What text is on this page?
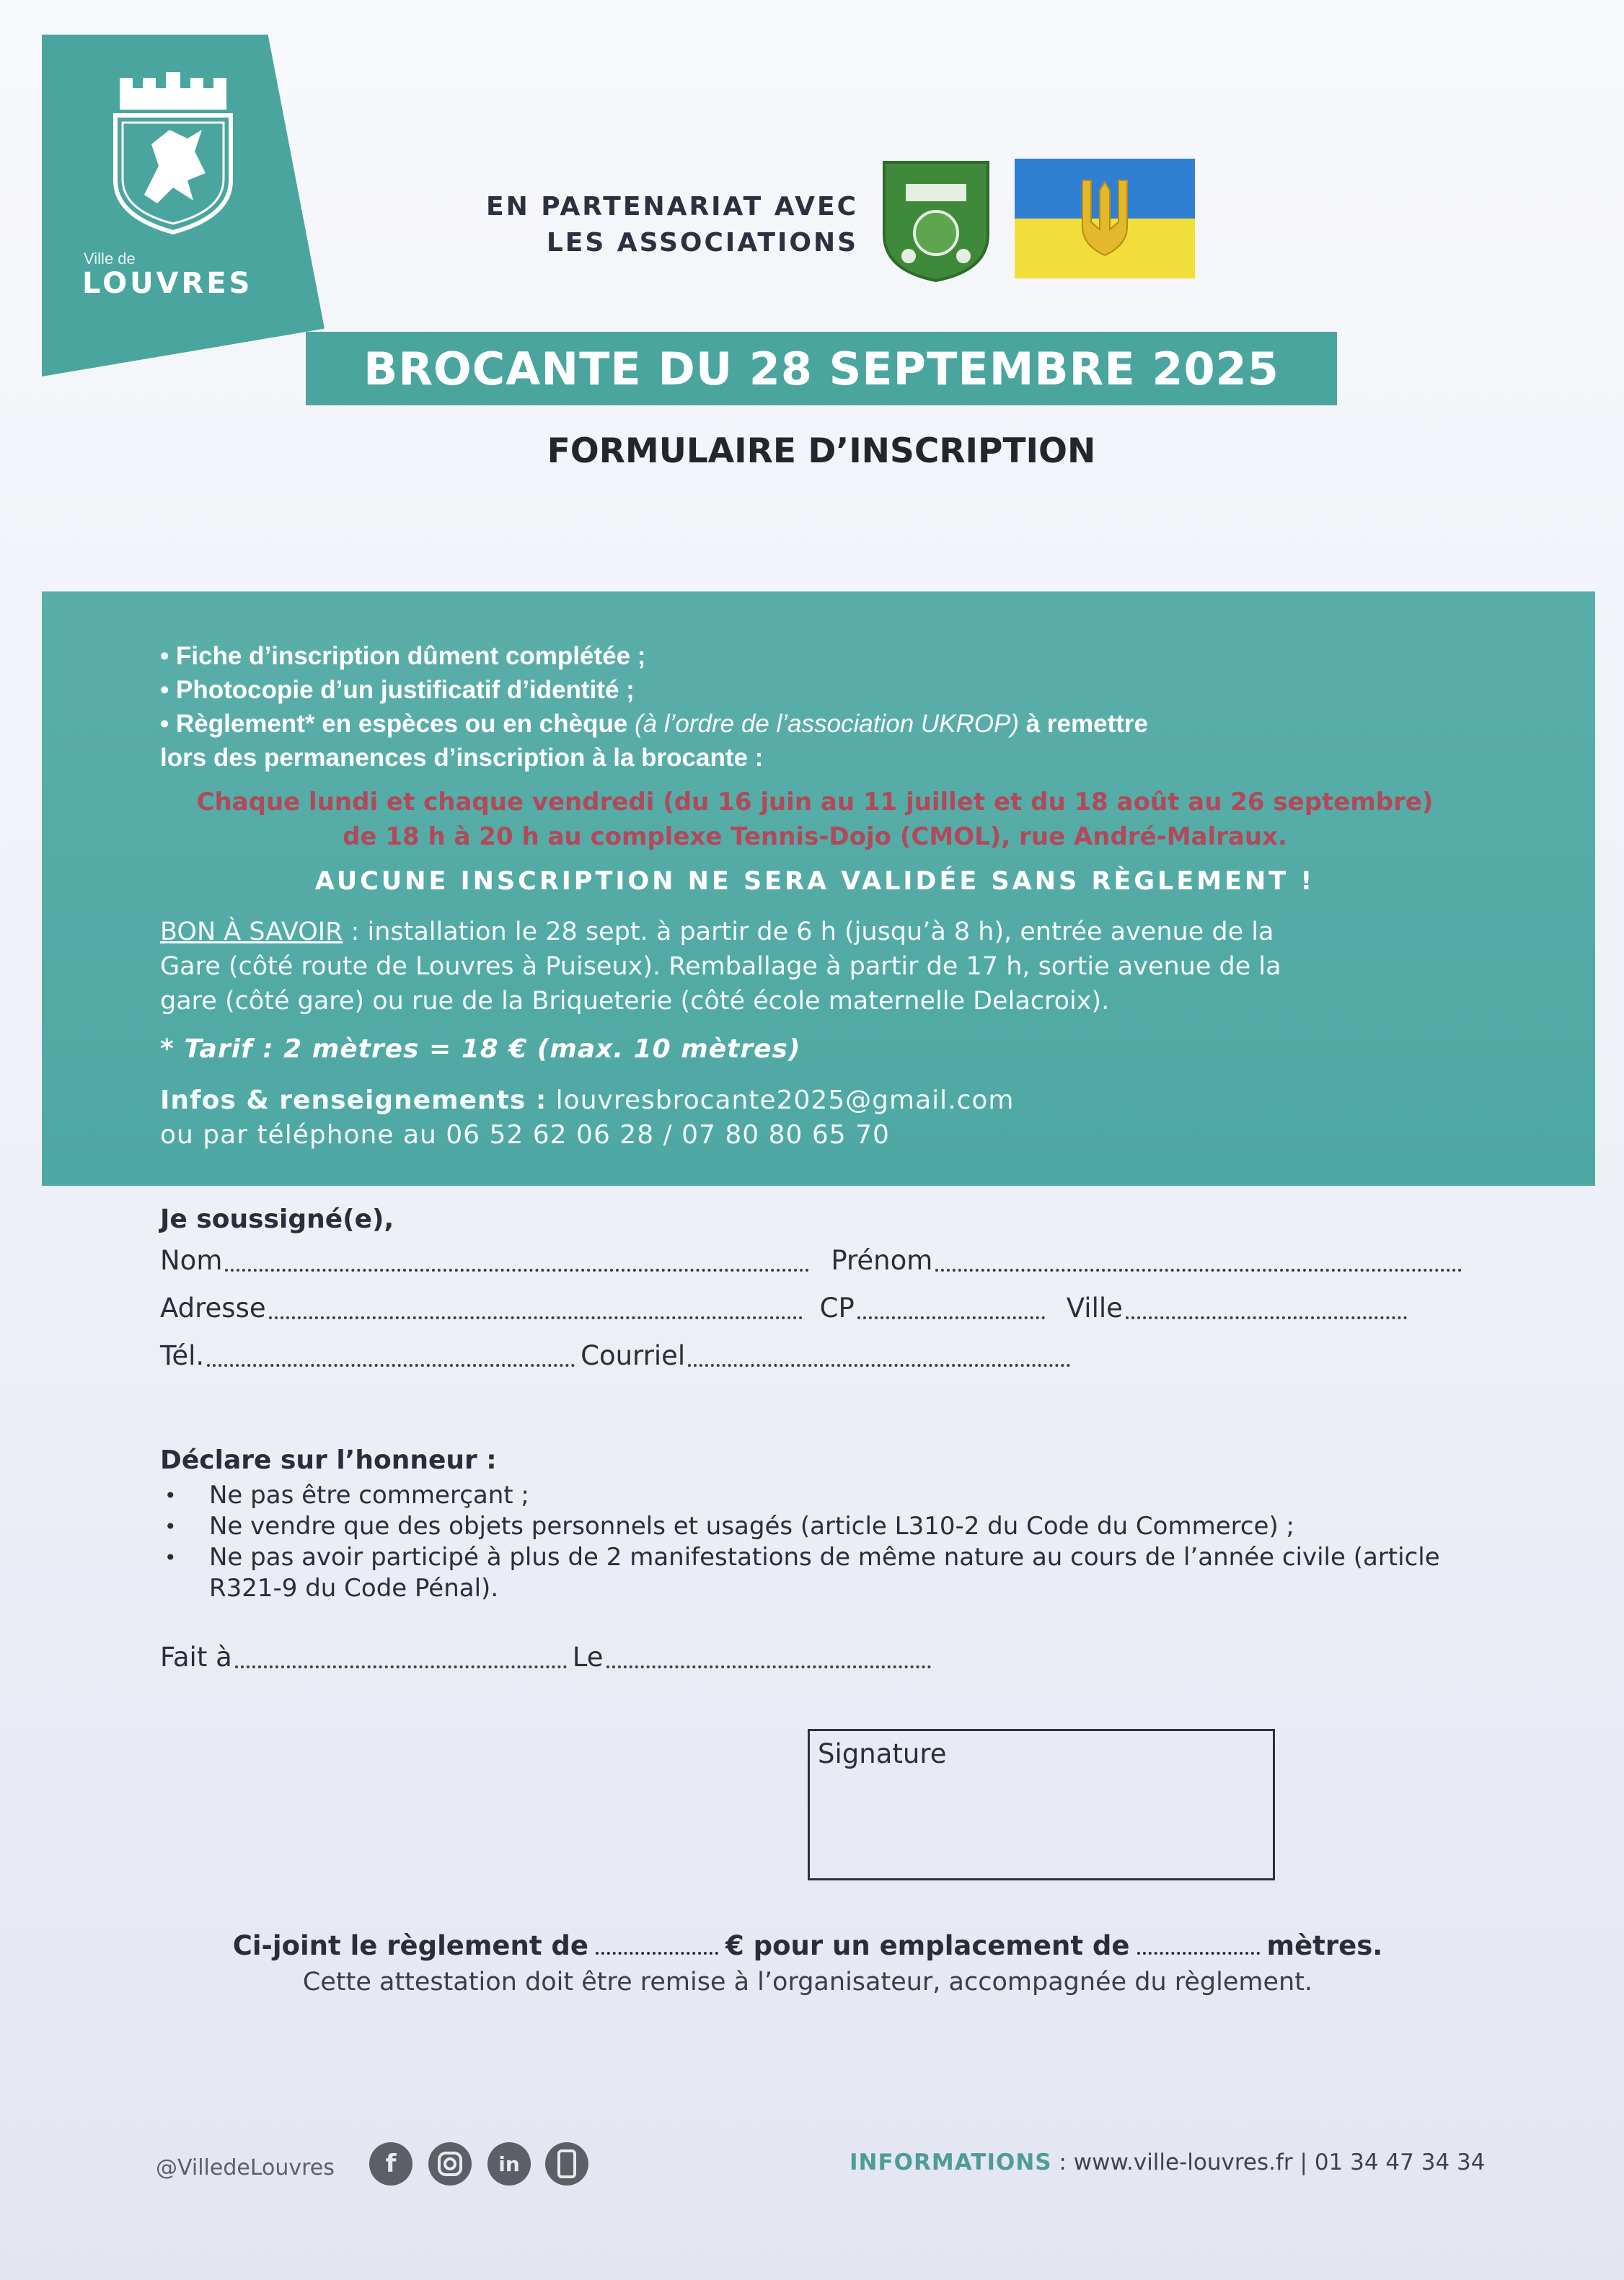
LOUVRES
Ville de
EN PARTENARIAT AVEC
LES ASSOCIATIONS
BROCANTE DU 28 SEPTEMBRE 2025
FORMULAIRE D’INSCRIPTION
• Fiche d’inscription dûment complétée ;
• Photocopie d’un justificatif d’identité ;
• Règlement* en espèces ou en chèque (à l’ordre de l’association UKROP) à remettre
lors des permanences d’inscription à la brocante :
Chaque lundi et chaque vendredi (du 16 juin au 11 juillet et du 18 août au 26 septembre)
de 18 h à 20 h au complexe Tennis-Dojo (CMOL), rue André-Malraux.
AUCUNE INSCRIPTION NE SERA VALIDÉE SANS RÈGLEMENT !
BON À SAVOIR : installation le 28 sept. à partir de 6 h (jusqu’à 8 h), entrée avenue de la
Gare (côté route de Louvres à Puiseux). Remballage à partir de 17 h, sortie avenue de la
gare (côté gare) ou rue de la Briqueterie (côté école maternelle Delacroix).
* Tarif : 2 mètres = 18 € (max. 10 mètres)
Infos & renseignements : louvresbrocante2025@gmail.com
ou par téléphone au 06 52 62 06 28 / 07 80 80 65 70
Je soussigné(e),
Nom	Prénom
Adresse	CP	Ville
Tél.	Courriel
Déclare sur l’honneur :
•	Ne pas être commerçant ;
•	Ne vendre que des objets personnels et usagés (article L310-2 du Code du Commerce) ;
•	Ne pas avoir participé à plus de 2 manifestations de même nature au cours de l’année civile (article R321-9 du Code Pénal).
Fait à	Le
Signature
Ci-joint le règlement de	€ pour un emplacement de	mètres.
Cette attestation doit être remise à l’organisateur, accompagnée du règlement.
@VilledeLouvres	f	in	INFORMATIONS : www.ville-louvres.fr | 01 34 47 34 34
